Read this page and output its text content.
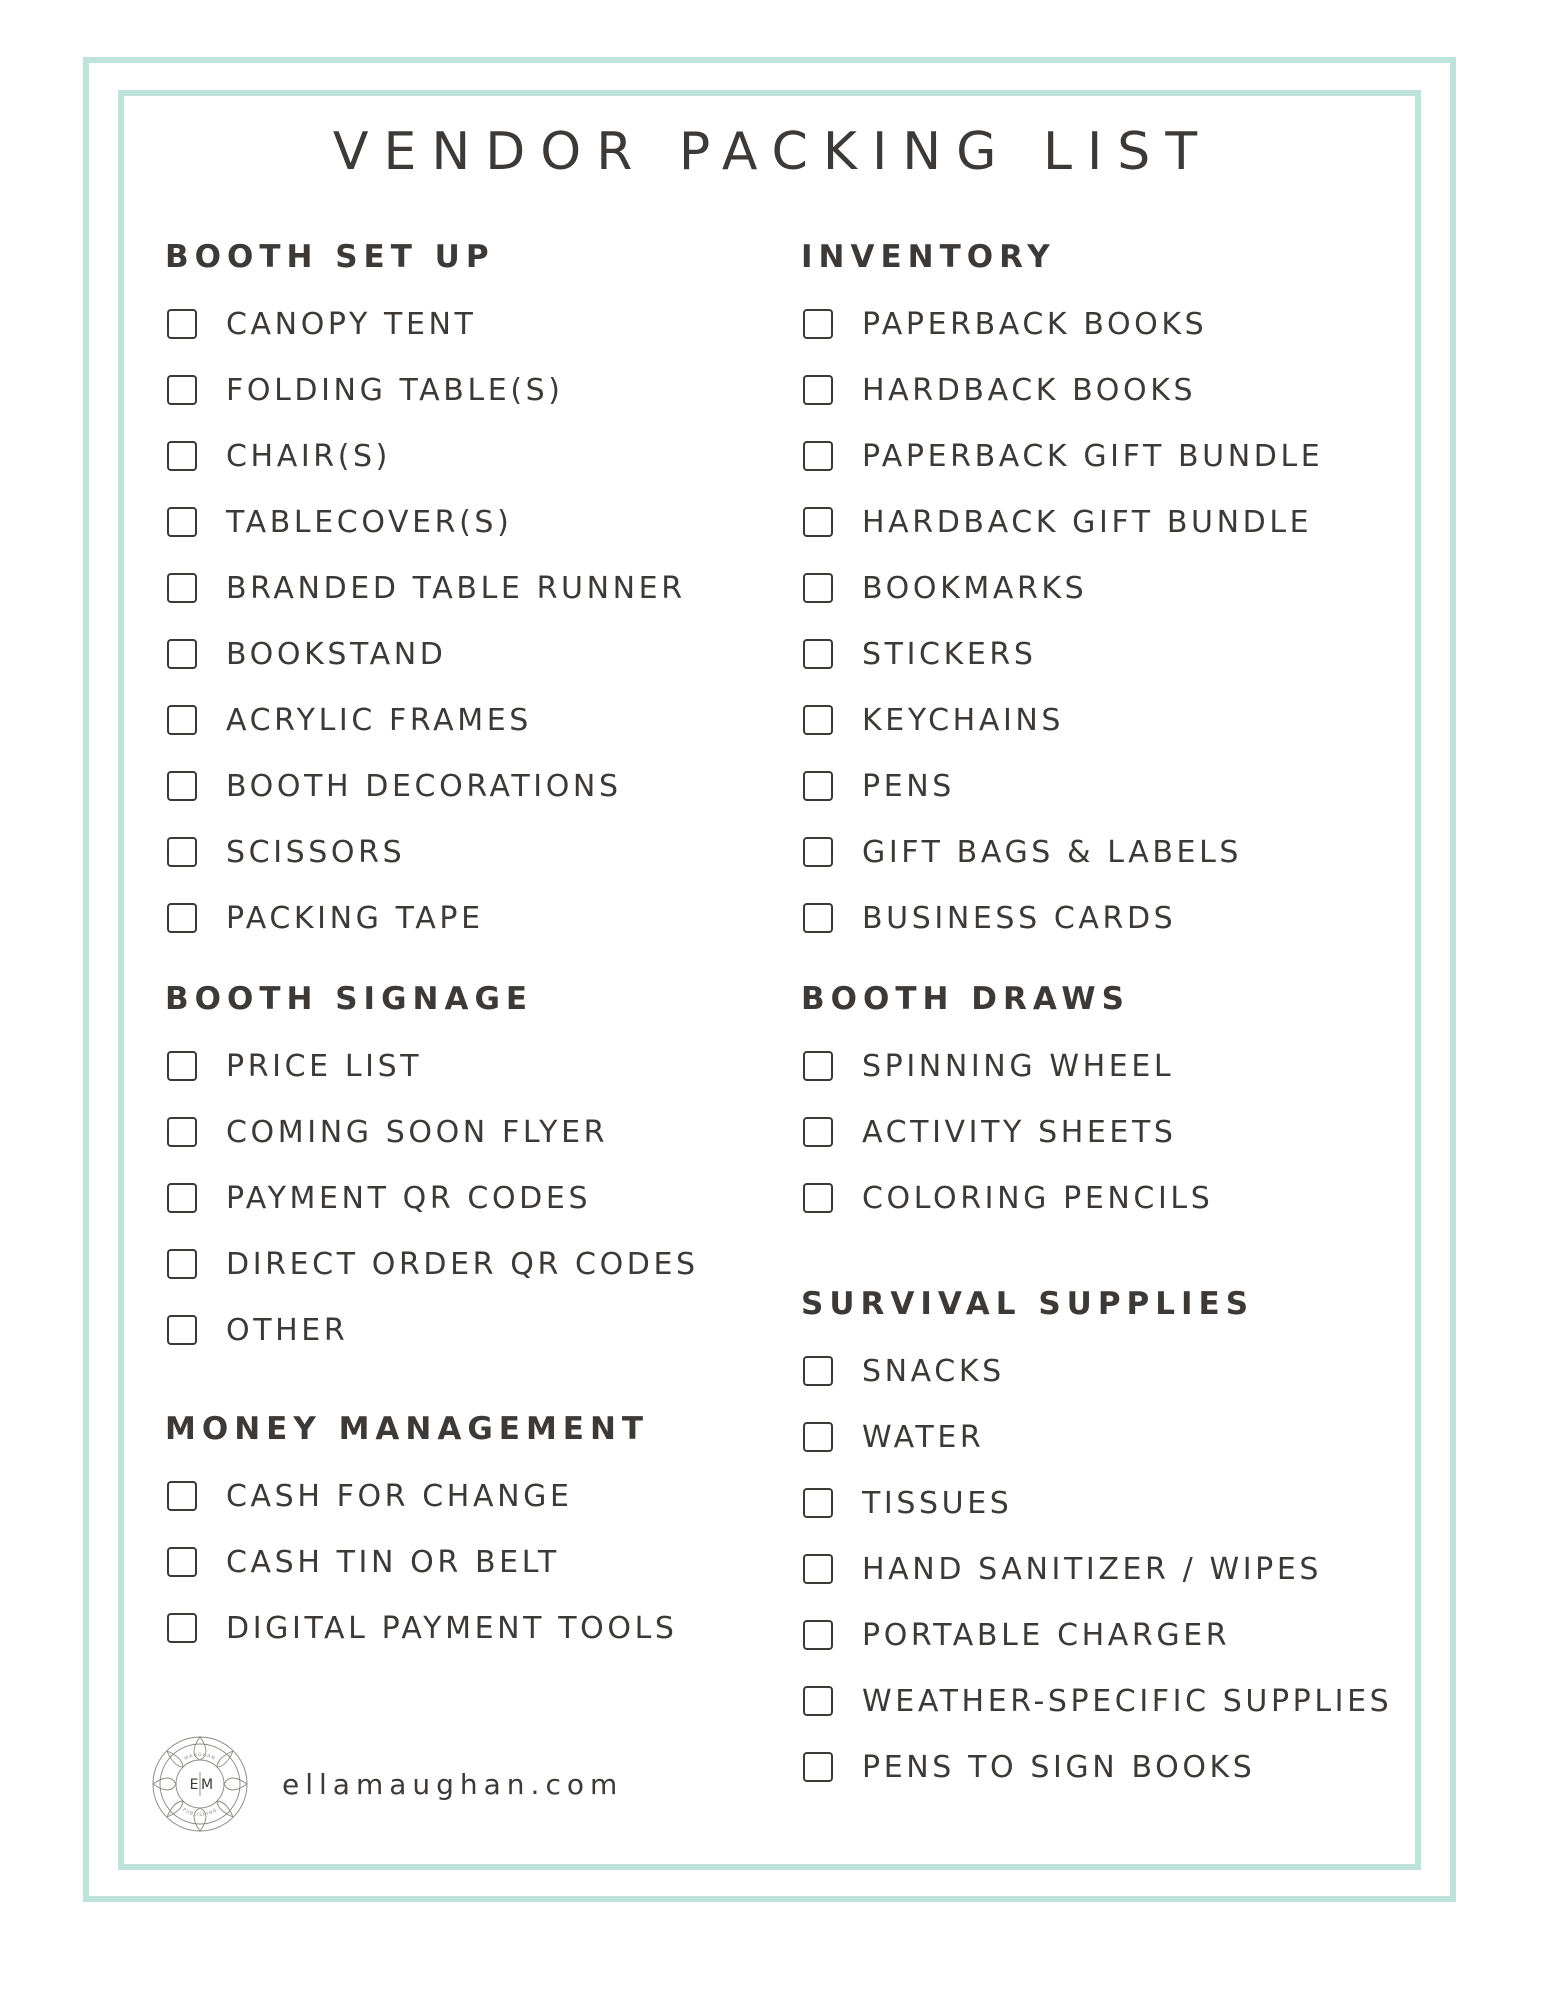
VENDOR PACKING LIST
BOOTH SET UP
CANOPY TENT
FOLDING TABLE(S)
CHAIR(S)
TABLECOVER(S)
BRANDED TABLE RUNNER
BOOKSTAND
ACRYLIC FRAMES
BOOTH DECORATIONS
SCISSORS
PACKING TAPE
INVENTORY
PAPERBACK BOOKS
HARDBACK BOOKS
PAPERBACK GIFT BUNDLE
HARDBACK GIFT BUNDLE
BOOKMARKS
STICKERS
KEYCHAINS
PENS
GIFT BAGS & LABELS
BUSINESS CARDS
BOOTH SIGNAGE
PRICE LIST
COMING SOON FLYER
PAYMENT QR CODES
DIRECT ORDER QR CODES
OTHER
BOOTH DRAWS
SPINNING WHEEL
ACTIVITY SHEETS
COLORING PENCILS
MONEY MANAGEMENT
CASH FOR CHANGE
CASH TIN OR BELT
DIGITAL PAYMENT TOOLS
SURVIVAL SUPPLIES
SNACKS
WATER
TISSUES
HAND SANITIZER / WIPES
PORTABLE CHARGER
WEATHER-SPECIFIC SUPPLIES
PENS TO SIGN BOOKS
MAUGHAN
PUBLISHING
E M ellamaughan.com
